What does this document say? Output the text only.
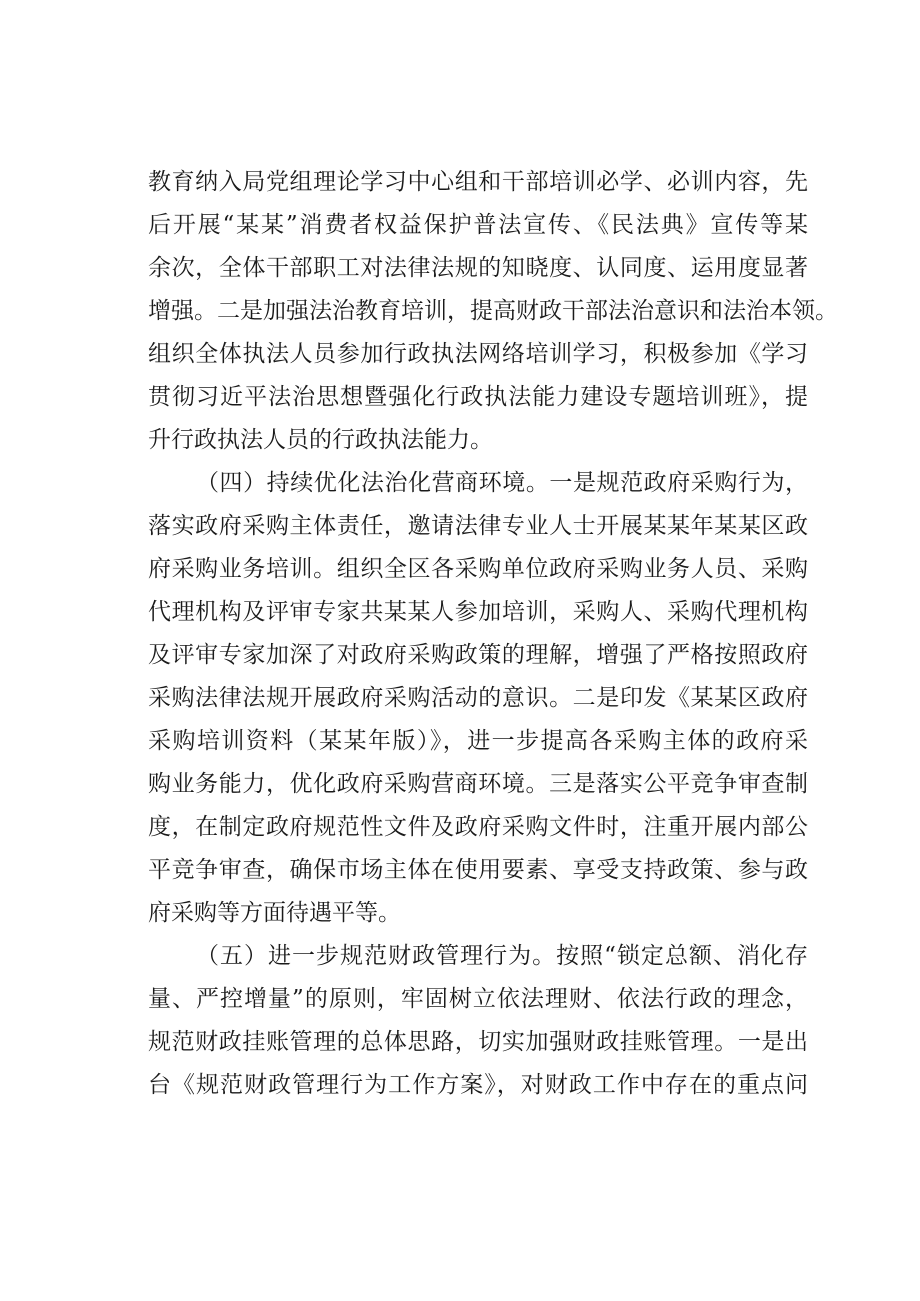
教育纳入局党组理论学习中心组和干部培训必学、必训内容，先
后开展“某某”消费者权益保护普法宣传、《民法典》宣传等某
余次，全体干部职工对法律法规的知晓度、认同度、运用度显著
增强。二是加强法治教育培训，提高财政干部法治意识和法治本领。
组织全体执法人员参加行政执法网络培训学习，积极参加《学习
贯彻习近平法治思想暨强化行政执法能力建设专题培训班》，提
升行政执法人员的行政执法能力。
（四）持续优化法治化营商环境。一是规范政府采购行为，
落实政府采购主体责任，邀请法律专业人士开展某某年某某区政
府采购业务培训。组织全区各采购单位政府采购业务人员、采购
代理机构及评审专家共某某人参加培训，采购人、采购代理机构
及评审专家加深了对政府采购政策的理解，增强了严格按照政府
采购法律法规开展政府采购活动的意识。二是印发《某某区政府
采购培训资料（某某年版）》，进一步提高各采购主体的政府采
购业务能力，优化政府采购营商环境。三是落实公平竞争审查制
度，在制定政府规范性文件及政府采购文件时，注重开展内部公
平竞争审查，确保市场主体在使用要素、享受支持政策、参与政
府采购等方面待遇平等。
（五）进一步规范财政管理行为。按照“锁定总额、消化存
量、严控增量”的原则，牢固树立依法理财、依法行政的理念，
规范财政挂账管理的总体思路，切实加强财政挂账管理。一是出
台《规范财政管理行为工作方案》，对财政工作中存在的重点问
